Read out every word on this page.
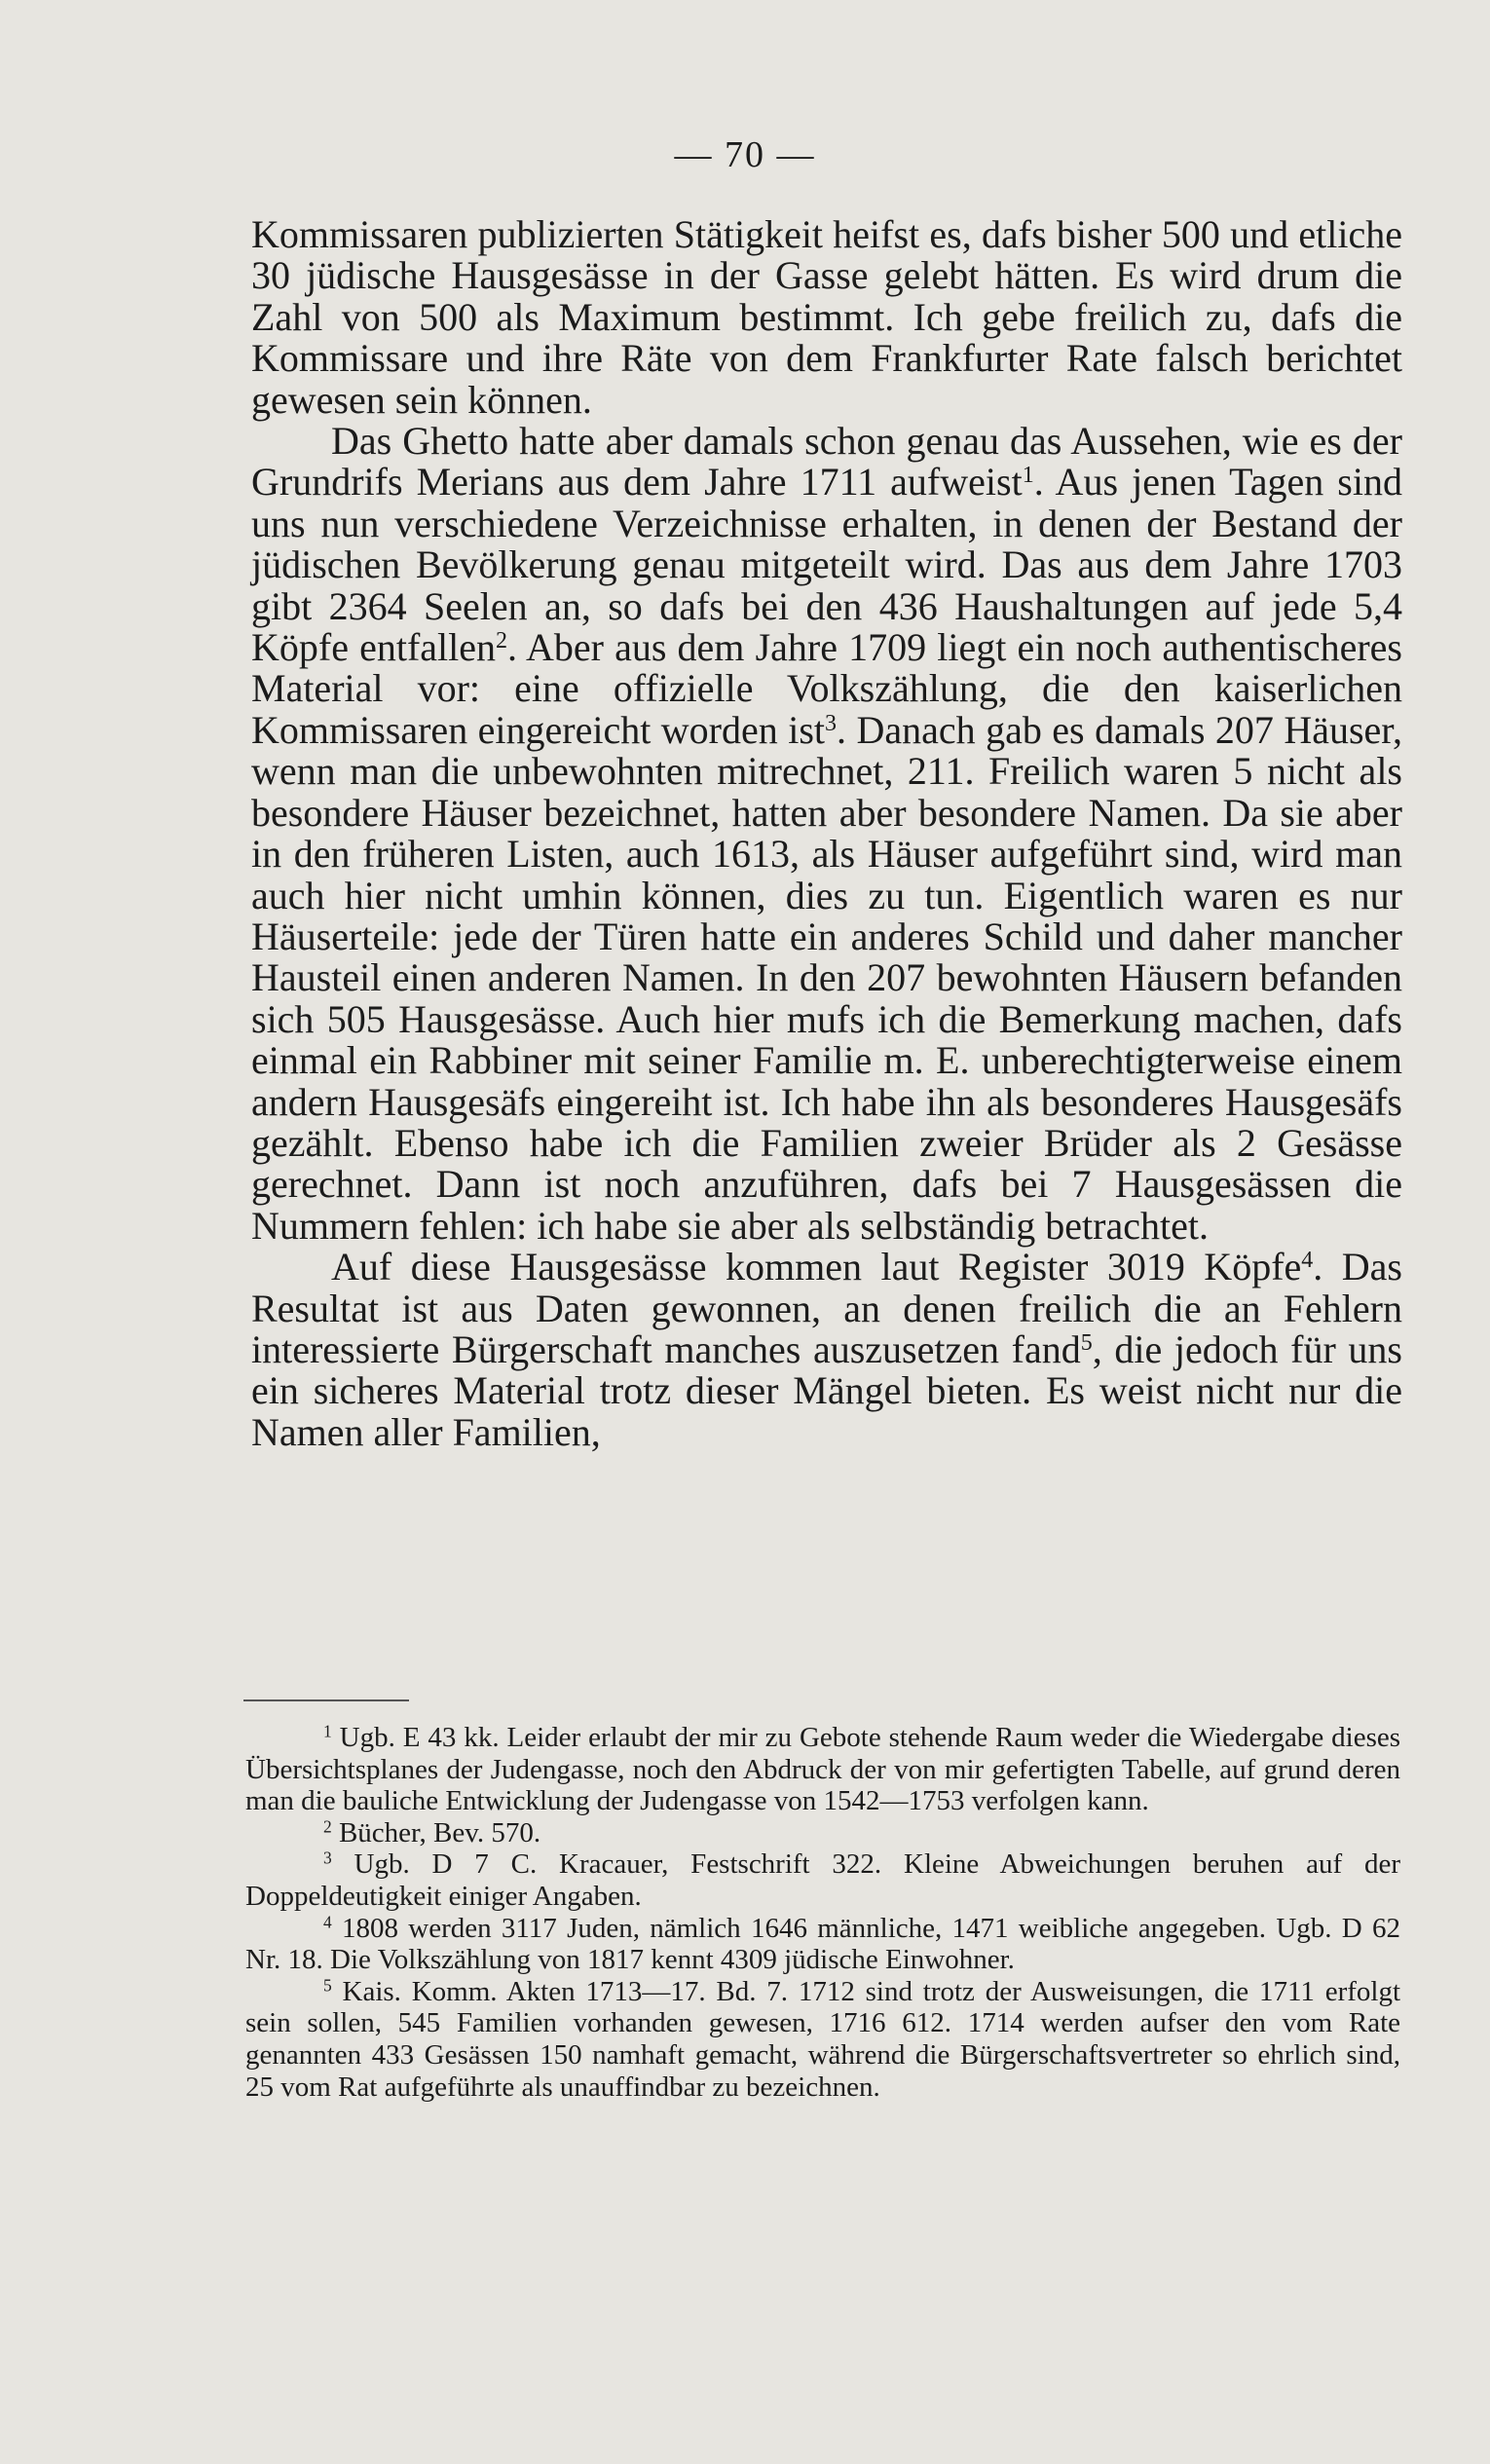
— 70 —

Kommissaren publizierten Stätigkeit heifst es, dafs bisher 500 und etliche 30 jüdische Hausgesässe in der Gasse gelebt hätten. Es wird drum die Zahl von 500 als Maximum bestimmt. Ich gebe freilich zu, dafs die Kommissare und ihre Räte von dem Frankfurter Rate falsch berichtet gewesen sein können.

Das Ghetto hatte aber damals schon genau das Aussehen, wie es der Grundrifs Merians aus dem Jahre 1711 aufweist$^1$. Aus jenen Tagen sind uns nun verschiedene Verzeichnisse erhalten, in denen der Bestand der jüdischen Bevölkerung genau mitgeteilt wird. Das aus dem Jahre 1703 gibt 2364 Seelen an, so dafs bei den 436 Haushaltungen auf jede 5,4 Köpfe entfallen$^2$. Aber aus dem Jahre 1709 liegt ein noch authentischeres Material vor: eine offizielle Volkszählung, die den kaiserlichen Kommissaren eingereicht worden ist$^3$. Danach gab es damals 207 Häuser, wenn man die unbewohnten mitrechnet, 211. Freilich waren 5 nicht als besondere Häuser bezeichnet, hatten aber besondere Namen. Da sie aber in den früheren Listen, auch 1613, als Häuser aufgeführt sind, wird man auch hier nicht umhin können, dies zu tun. Eigentlich waren es nur Häuserteile: jede der Türen hatte ein anderes Schild und daher mancher Hausteil einen anderen Namen. In den 207 bewohnten Häusern befanden sich 505 Hausgesässe. Auch hier mufs ich die Bemerkung machen, dafs einmal ein Rabbiner mit seiner Familie m. E. unberechtigterweise einem andern Hausgesäfs eingereiht ist. Ich habe ihn als besonderes Hausgesäfs gezählt. Ebenso habe ich die Familien zweier Brüder als 2 Gesässe gerechnet. Dann ist noch anzuführen, dafs bei 7 Hausgesässen die Nummern fehlen: ich habe sie aber als selbständig betrachtet.

Auf diese Hausgesässe kommen laut Register 3019 Köpfe$^4$. Das Resultat ist aus Daten gewonnen, an denen freilich die an Fehlern interessierte Bürgerschaft manches auszusetzen fand$^5$, die jedoch für uns ein sicheres Material trotz dieser Mängel bieten. Es weist nicht nur die Namen aller Familien,

$^1$ Ugb. E 43 kk. Leider erlaubt der mir zu Gebote stehende Raum weder die Wiedergabe dieses Übersichtsplanes der Judengasse, noch den Abdruck der von mir gefertigten Tabelle, auf grund deren man die bauliche Entwicklung der Judengasse von 1542—1753 verfolgen kann.

$^2$ Bücher, Bev. 570.

$^3$ Ugb. D 7 C. Kracauer, Festschrift 322. Kleine Abweichungen beruhen auf der Doppeldeutigkeit einiger Angaben.

$^4$ 1808 werden 3117 Juden, nämlich 1646 männliche, 1471 weibliche angegeben. Ugb. D 62 Nr. 18. Die Volkszählung von 1817 kennt 4309 jüdische Einwohner.

$^5$ Kais. Komm. Akten 1713—17. Bd. 7. 1712 sind trotz der Ausweisungen, die 1711 erfolgt sein sollen, 545 Familien vorhanden gewesen, 1716 612. 1714 werden aufser den vom Rate genannten 433 Gesässen 150 namhaft gemacht, während die Bürgerschaftsvertreter so ehrlich sind, 25 vom Rat aufgeführte als unauffindbar zu bezeichnen.
